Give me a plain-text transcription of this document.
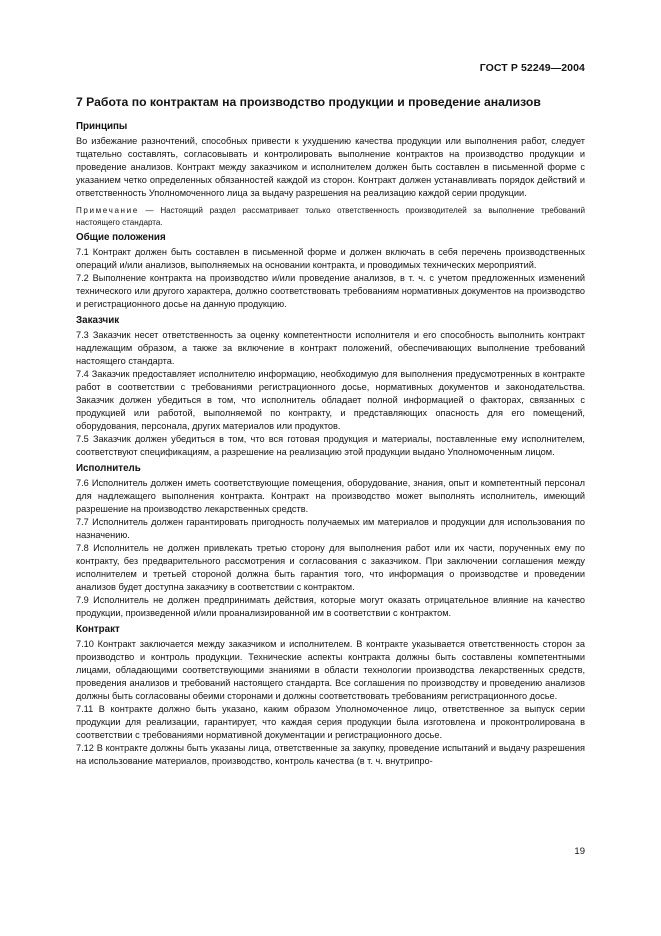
ГОСТ Р 52249—2004
7 Работа по контрактам на производство продукции и проведение анализов
Принципы

Во избежание разночтений, способных привести к ухудшению качества продукции или выполнения работ, следует тщательно составлять, согласовывать и контролировать выполнение контрактов на производство продукции и проведение анализов. Контракт между заказчиком и исполнителем должен быть составлен в письменной форме с указанием четко определенных обязанностей каждой из сторон. Контракт должен устанавливать порядок действий и ответственность Уполномоченного лица за выдачу разрешения на реализацию каждой серии продукции.

Примечание — Настоящий раздел рассматривает только ответственность производителей за выполнение требований настоящего стандарта.

Общие положения

7.1 Контракт должен быть составлен в письменной форме и должен включать в себя перечень производственных операций и/или анализов, выполняемых на основании контракта, и проводимых технических мероприятий.

7.2 Выполнение контракта на производство и/или проведение анализов, в т. ч. с учетом предложенных изменений технического или другого характера, должно соответствовать требованиям нормативных документов на производство и регистрационного досье на данную продукцию.

Заказчик

7.3 Заказчик несет ответственность за оценку компетентности исполнителя и его способность выполнить контракт надлежащим образом, а также за включение в контракт положений, обеспечивающих выполнение требований настоящего стандарта.

7.4 Заказчик предоставляет исполнителю информацию, необходимую для выполнения предусмотренных в контракте работ в соответствии с требованиями регистрационного досье, нормативных документов и законодательства. Заказчик должен убедиться в том, что исполнитель обладает полной информацией о факторах, связанных с продукцией или работой, выполняемой по контракту, и представляющих опасность для его помещений, оборудования, персонала, других материалов или продуктов.

7.5 Заказчик должен убедиться в том, что вся готовая продукция и материалы, поставленные ему исполнителем, соответствуют спецификациям, а разрешение на реализацию этой продукции выдано Уполномоченным лицом.

Исполнитель

7.6 Исполнитель должен иметь соответствующие помещения, оборудование, знания, опыт и компетентный персонал для надлежащего выполнения контракта. Контракт на производство может выполнять исполнитель, имеющий разрешение на производство лекарственных средств.

7.7 Исполнитель должен гарантировать пригодность получаемых им материалов и продукции для использования по назначению.

7.8 Исполнитель не должен привлекать третью сторону для выполнения работ или их части, порученных ему по контракту, без предварительного рассмотрения и согласования с заказчиком. При заключении соглашения между исполнителем и третьей стороной должна быть гарантия того, что информация о производстве и проведении анализов будет доступна заказчику в соответствии с контрактом.

7.9 Исполнитель не должен предпринимать действия, которые могут оказать отрицательное влияние на качество продукции, произведенной и/или проанализированной им в соответствии с контрактом.

Контракт

7.10 Контракт заключается между заказчиком и исполнителем. В контракте указывается ответственность сторон за производство и контроль продукции. Технические аспекты контракта должны быть составлены компетентными лицами, обладающими соответствующими знаниями в области технологии производства лекарственных средств, проведения анализов и требований настоящего стандарта. Все соглашения по производству и проведению анализов должны быть согласованы обеими сторонами и должны соответствовать требованиям регистрационного досье.

7.11 В контракте должно быть указано, каким образом Уполномоченное лицо, ответственное за выпуск серии продукции для реализации, гарантирует, что каждая серия продукции была изготовлена и проконтролирована в соответствии с требованиями нормативной документации и регистрационного досье.

7.12 В контракте должны быть указаны лица, ответственные за закупку, проведение испытаний и выдачу разрешения на использование материалов, производство, контроль качества (в т. ч. внутрипро-

19
